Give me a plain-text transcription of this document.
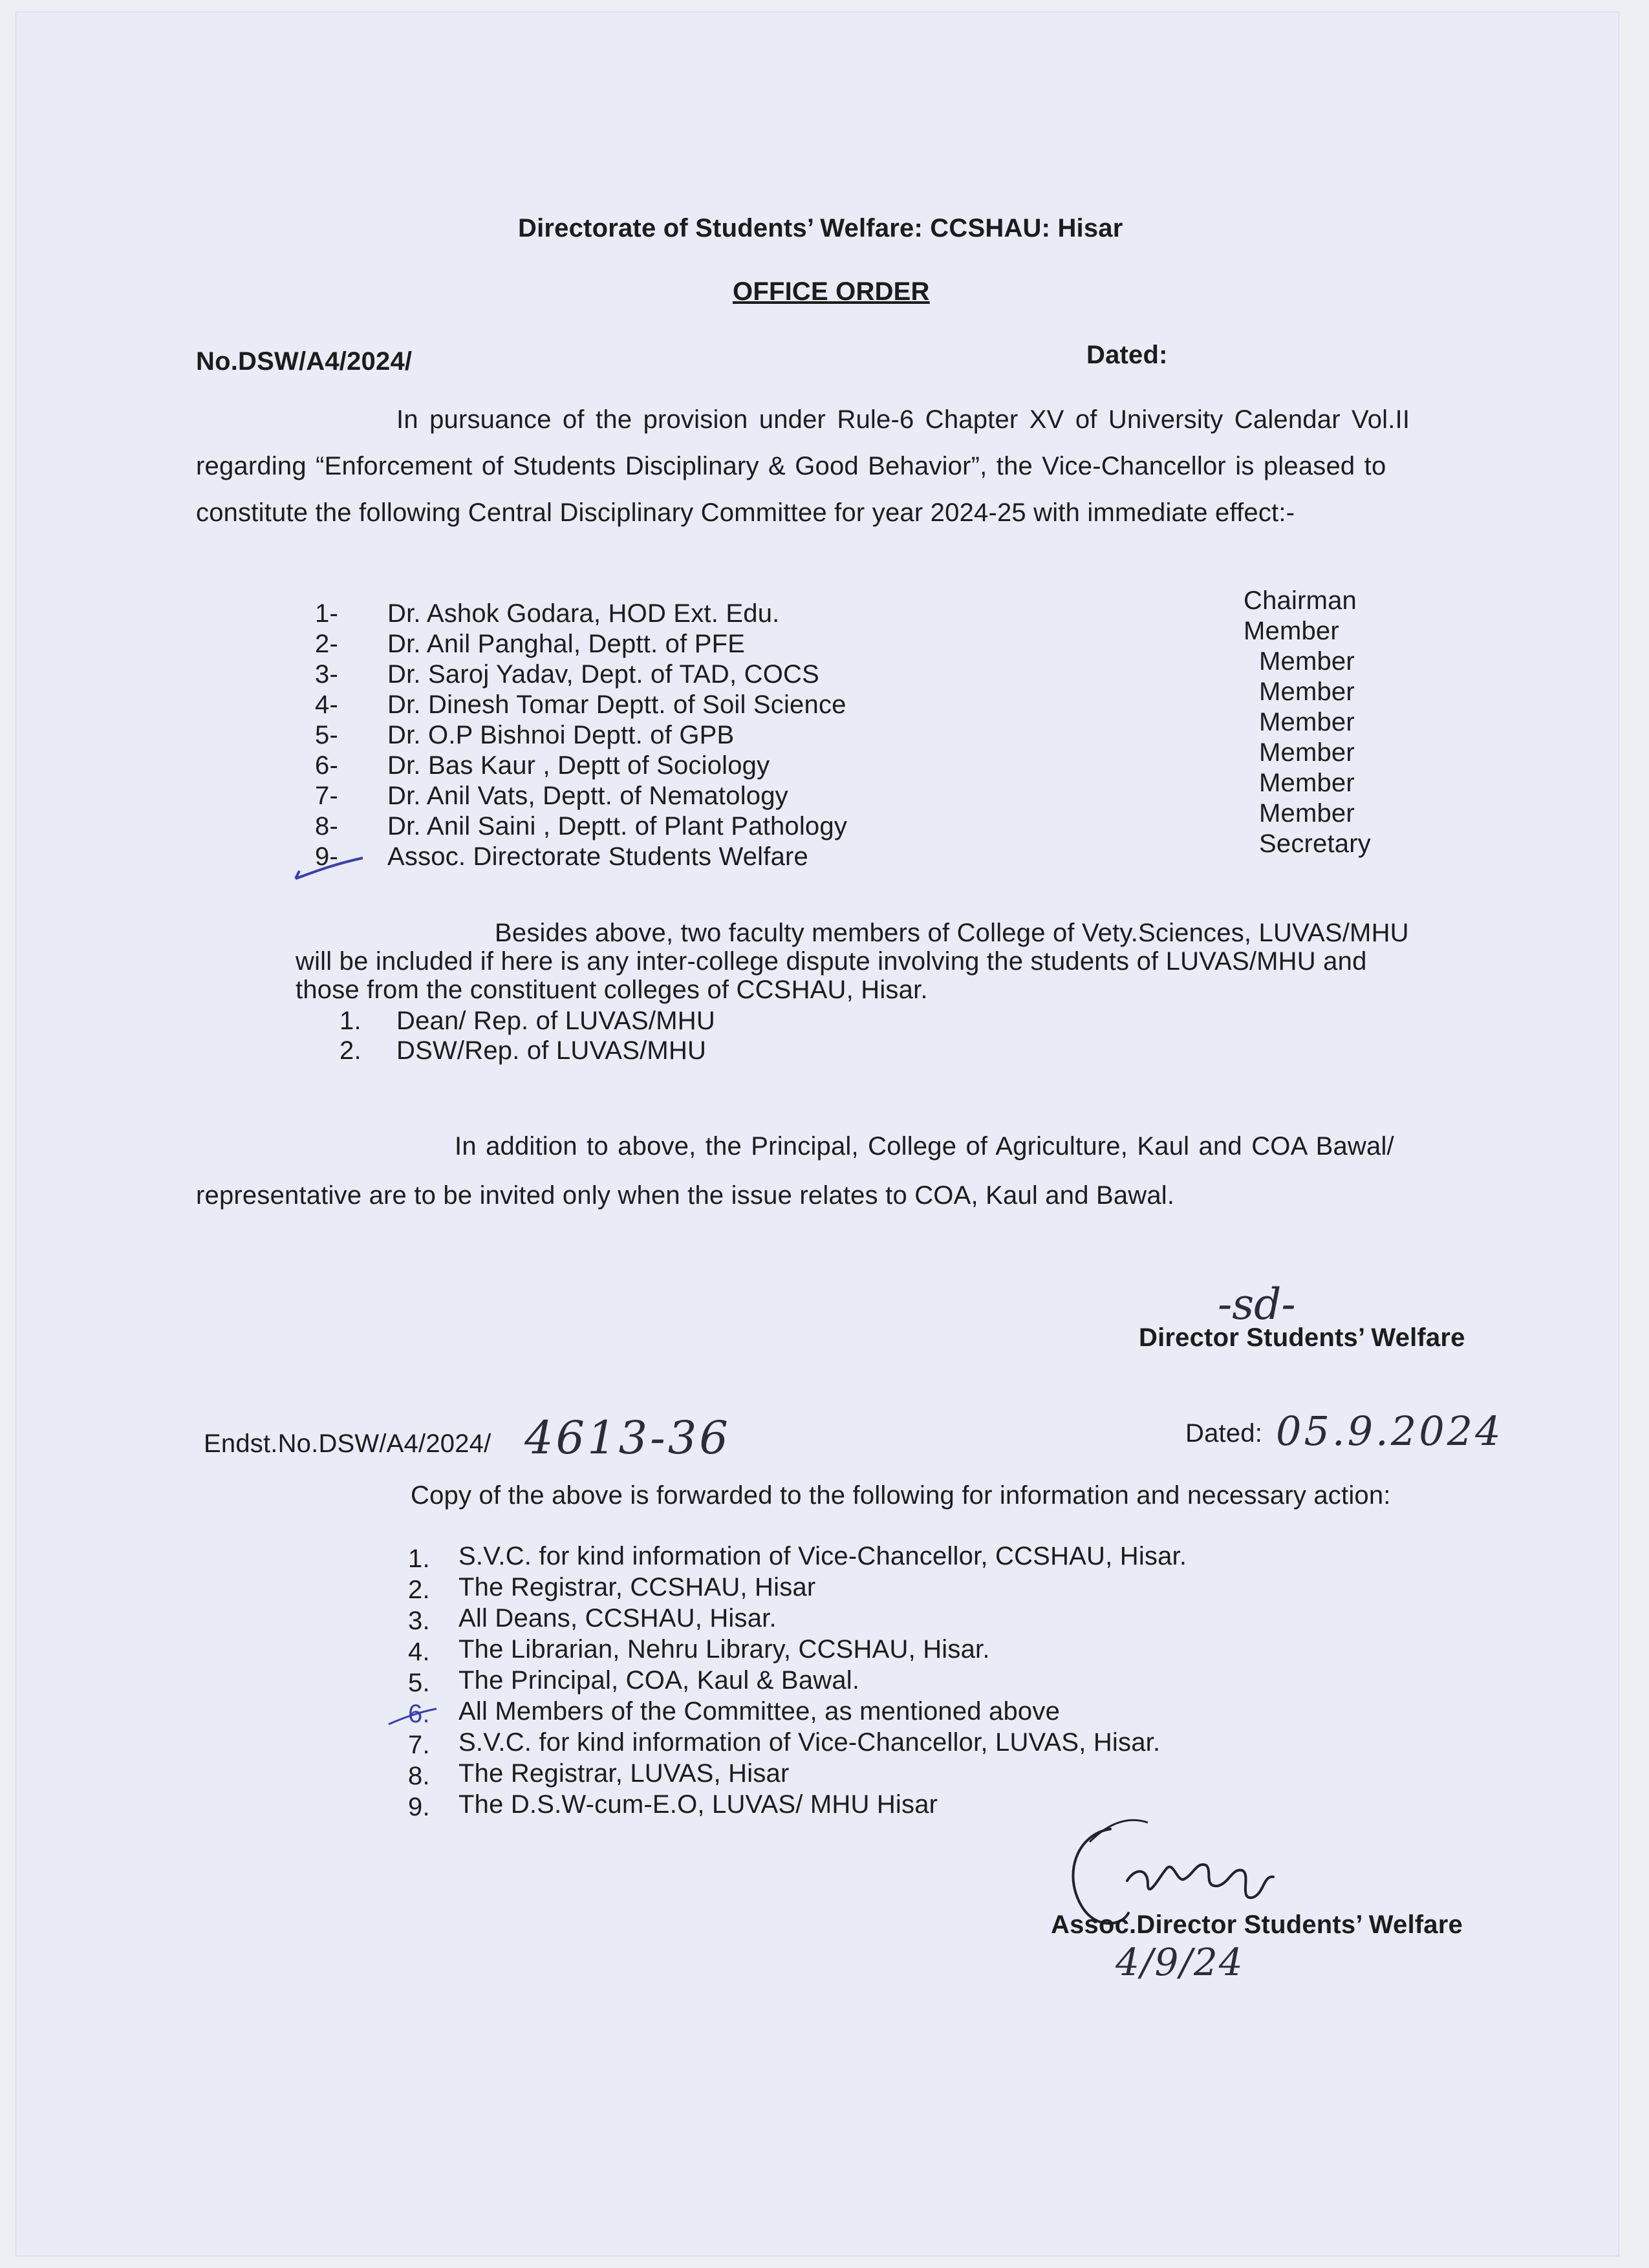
Directorate of Students’ Welfare: CCSHAU: Hisar
OFFICE ORDER
No.DSW/A4/2024/	Dated:
In pursuance of the provision under Rule-6 Chapter XV of University Calendar Vol.II
regarding “Enforcement of Students Disciplinary & Good Behavior”, the Vice-Chancellor is pleased to
constitute the following Central Disciplinary Committee for year 2024-25 with immediate effect:-
1- Dr. Ashok Godara, HOD Ext. Edu.	Chairman
2- Dr. Anil Panghal, Deptt. of PFE	Member
3- Dr. Saroj Yadav, Dept. of TAD, COCS	Member
4- Dr. Dinesh Tomar Deptt. of Soil Science	Member
5- Dr. O.P Bishnoi Deptt. of GPB	Member
6- Dr. Bas Kaur , Deptt of Sociology	Member
7- Dr. Anil Vats, Deptt. of Nematology	Member
8- Dr. Anil Saini , Deptt. of Plant Pathology	Member
9- Assoc. Directorate Students Welfare	Secretary
Besides above, two faculty members of College of Vety.Sciences, LUVAS/MHU
will be included if here is any inter-college dispute involving the students of LUVAS/MHU and
those from the constituent colleges of CCSHAU, Hisar.
1. Dean/ Rep. of LUVAS/MHU
2. DSW/Rep. of LUVAS/MHU
In addition to above, the Principal, College of Agriculture, Kaul and COA Bawal/
representative are to be invited only when the issue relates to COA, Kaul and Bawal.
-sd-
Director Students’ Welfare
Endst.No.DSW/A4/2024/ 4613-36	Dated: 05.9.2024
Copy of the above is forwarded to the following for information and necessary action:
1. S.V.C. for kind information of Vice-Chancellor, CCSHAU, Hisar.
2. The Registrar, CCSHAU, Hisar
3. All Deans, CCSHAU, Hisar.
4. The Librarian, Nehru Library, CCSHAU, Hisar.
5. The Principal, COA, Kaul & Bawal.
6. All Members of the Committee, as mentioned above
7. S.V.C. for kind information of Vice-Chancellor, LUVAS, Hisar.
8. The Registrar, LUVAS, Hisar
9. The D.S.W-cum-E.O, LUVAS/ MHU Hisar
Assoc.Director Students’ Welfare
4/9/24
